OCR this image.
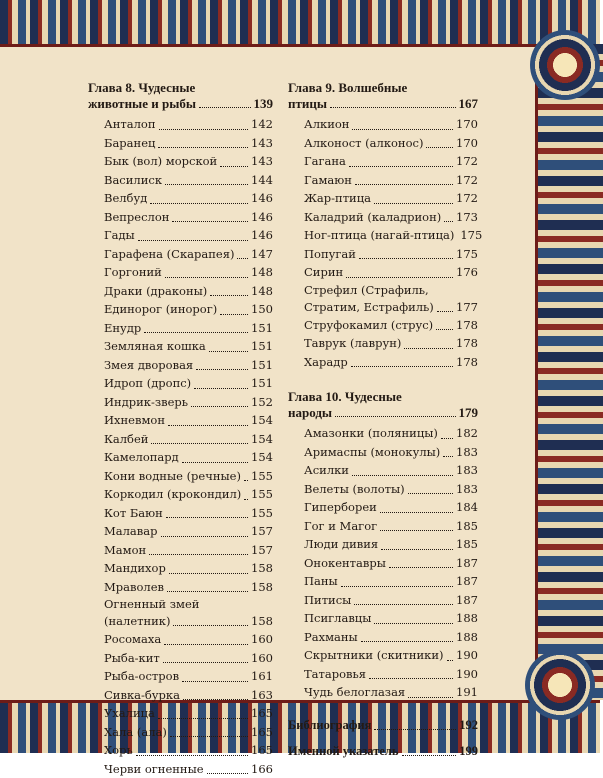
Глава 8. Чудесные
животные и рыбы	139
Анталоп	142
Баранец	143
Бык (вол) морской	143
Василиск	144
Велбуд	146
Вепреслон	146
Гады	146
Гарафена (Скарапея) 147
Горгоний	148
Драки (драконы)	148
Единорог (инорог)	150
Енудр	151
Земляная кошка	151
Змея дворовая	151
Идроп (дропс)	151
Индрик-зверь	152
Ихневмон	154
Калбей	154
Камелопард	154
Кони водные (речные) 155
Коркодил (крокондил) 155
Кот Баюн	155
Малавар	157
Мамон	157
Мандихор	158
Мраволев	158
Огненный змей
(налетник)	158
Росомаха	160
Рыба-кит	160
Рыба-остров	161
Сивка-бурка	163
Ухалица	165
Хала (ала)	165
Хорь	165
Черви огненные	166
Глава 9. Волшебные
птицы	167
Алкион	170
Алконост (алконос)	170
Гагана	172
Гамаюн	172
Жар-птица	172
Каладрий (каладрион) 173
Ног-птица (нагай-птица) 175
Попугай	175
Сирин	176
Стрефил (Страфиль,
Стратим, Естрафиль) 177
Струфокамил (струс) 178
Таврук (лаврун)	178
Харадр	178
Глава 10. Чудесные
народы	179
Амазонки (поляницы) 182
Аримаспы (монокулы) 183
Асилки	183
Велеты (волоты)	183
Гипербореи	184
Гог и Магог	185
Люди дивия	185
Онокентавры	187
Паны	187
Питисы	187
Псиглавцы	188
Рахманы	188
Скрытники (скитники) 190
Татаровья	190
Чудь белоглазая	191
Библиография	192
Именной указатель	199
